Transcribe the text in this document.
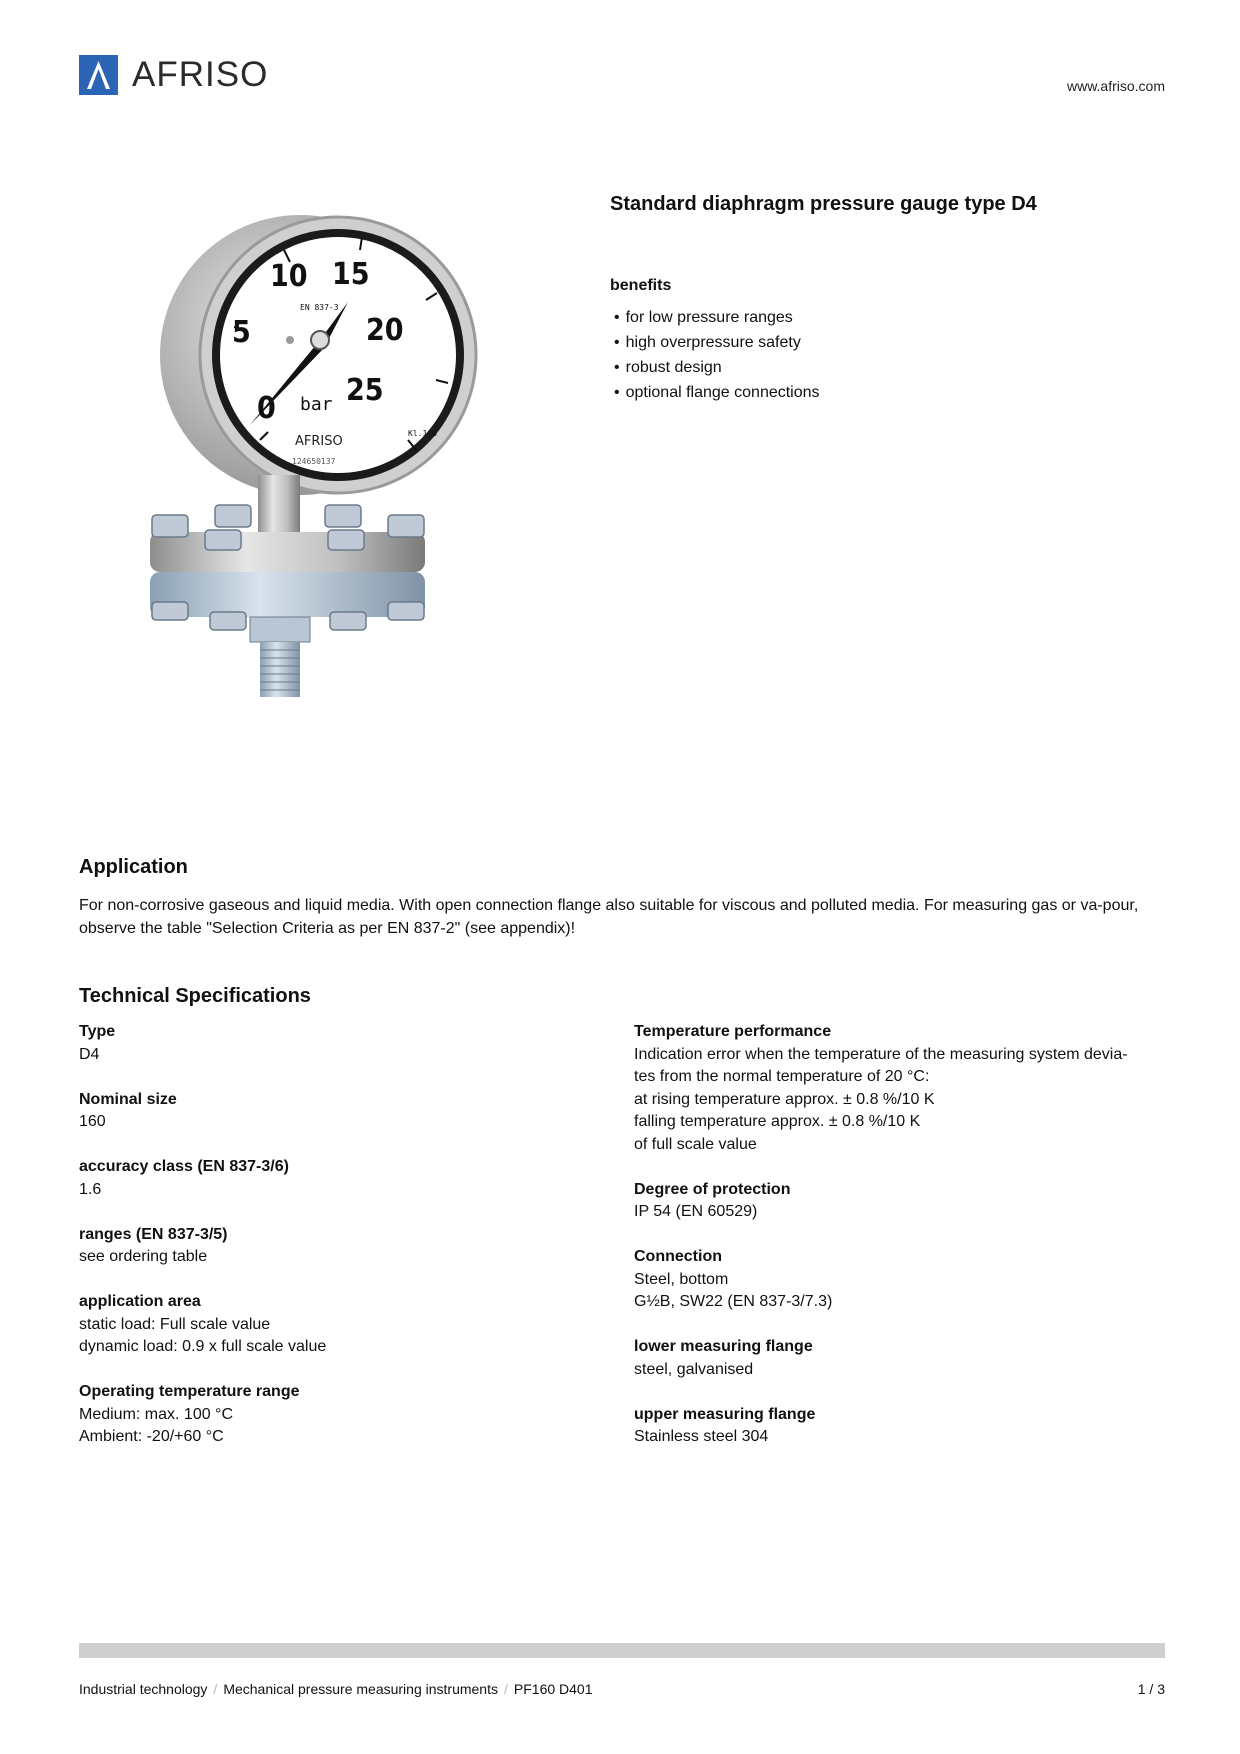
AFRISO	www.afriso.com
0
5
10 15
20
25
bar
EN 837-3
Kl.1,6
AFRISO
124650137
Standard diaphragm pressure gauge type D4
benefits
• for low pressure ranges
• high overpressure safety
• robust design
• optional flange connections
Application
For non-corrosive gaseous and liquid media. With open connection flange also suitable for viscous and polluted media. For measuring gas or va-pour, observe the table "Selection Criteria as per EN 837-2" (see appendix)!
Technical Specifications
Type
D4
Nominal size
160
accuracy class (EN 837-3/6)
1.6
ranges (EN 837-3/5)
see ordering table
application area
static load: Full scale value
dynamic load: 0.9 x full scale value
Operating temperature range
Medium: max. 100 °C
Ambient: -20/+60 °C
Temperature performance
Indication error when the temperature of the measuring system devia-
tes from the normal temperature of 20 °C:
at rising temperature approx. ± 0.8 %/10 K
falling temperature approx. ± 0.8 %/10 K
of full scale value
Degree of protection
IP 54 (EN 60529)
Connection
Steel, bottom
G½B, SW22 (EN 837-3/7.3)
lower measuring flange
steel, galvanised
upper measuring flange
Stainless steel 304
Industrial technology / Mechanical pressure measuring instruments / PF160 D401	1 / 3
